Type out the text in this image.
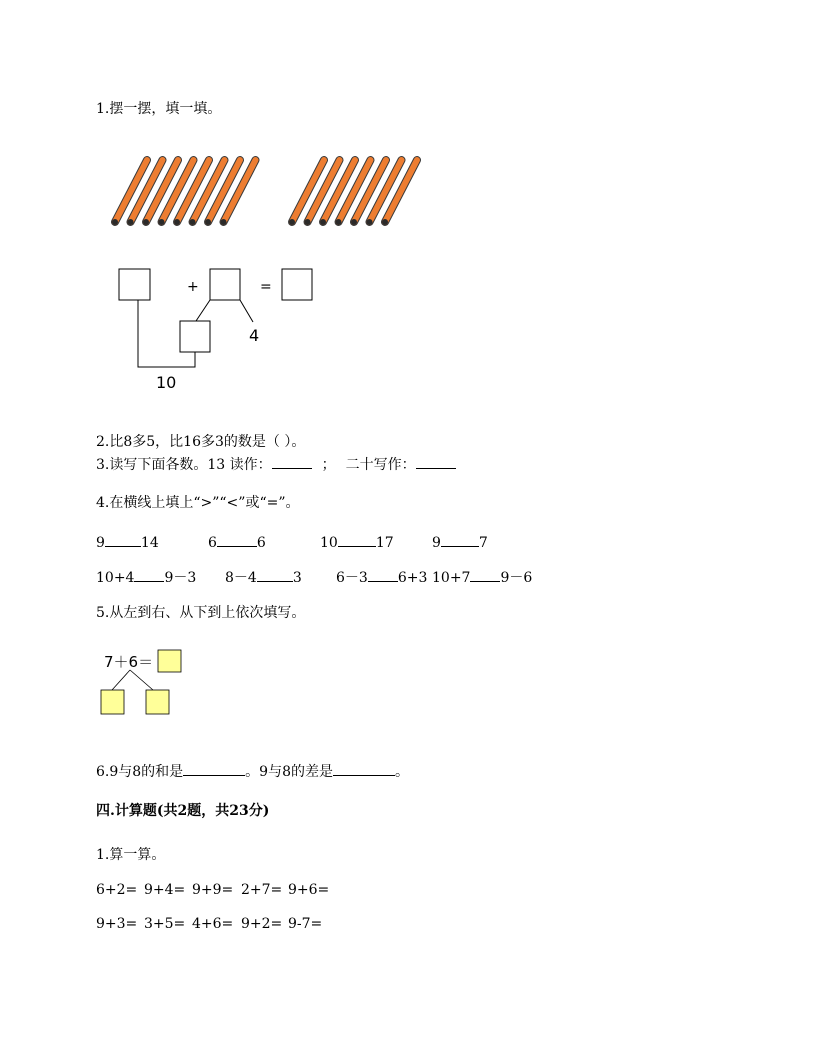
1.摆一摆，填一填。
+	=
4
10
2.比8多5，比16多3的数是（ ）。
3.读写下面各数。13 读作：	； 二十写作：
4.在横线上填上“>”“<”或“=”。
9	14	6	6	10	17	9	7
10+4 9－3 8－4	3 6－3 6+3 10+7 9－6
5.从左到右、从下到上依次填写。
7＋6＝
6.9与8的和是	。9与8的差是	。
四.计算题(共2题，共23分)
1.算一算。
6+2= 9+4= 9+9= 2+7= 9+6=
9+3= 3+5= 4+6= 9+2= 9-7=
